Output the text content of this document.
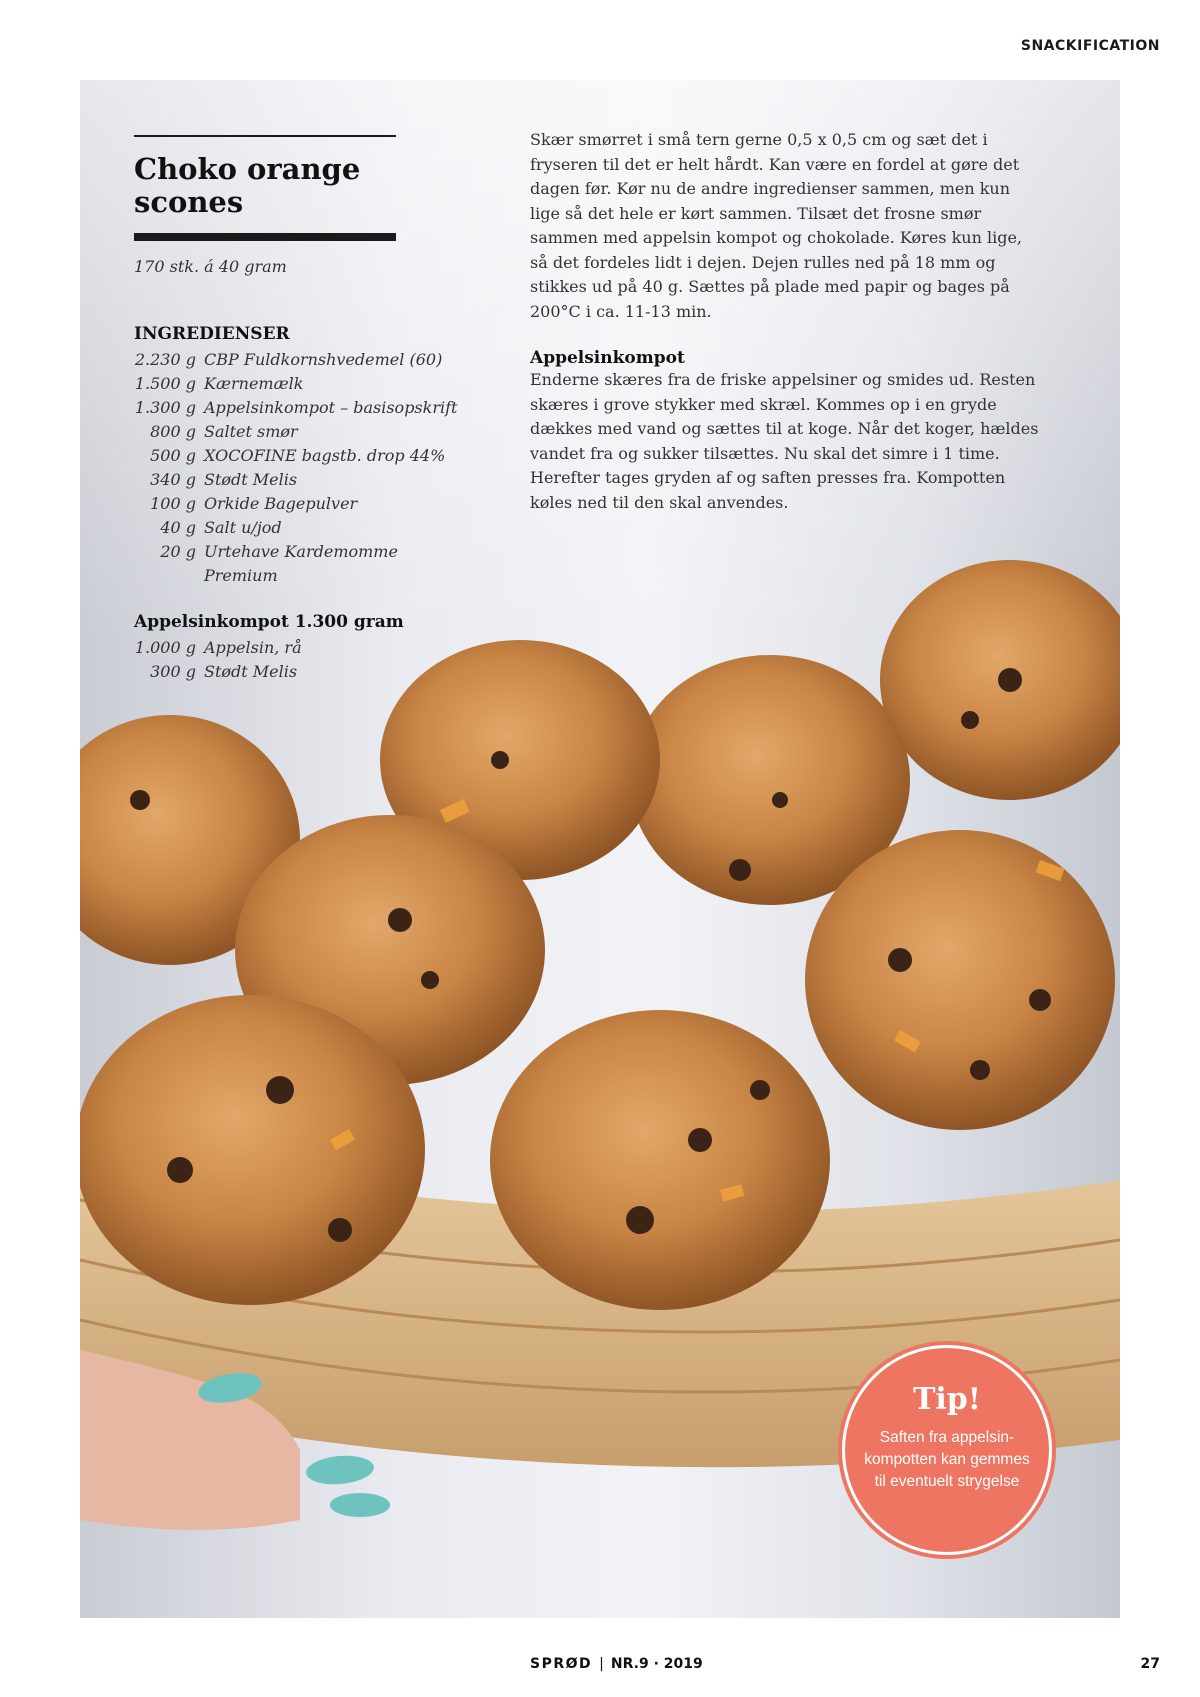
SNACKIFICATION
Choko orange scones
170 stk. á 40 gram
INGREDIENSER
2.230 g CBP Fuldkornshvedemel (60)
1.500 g Kærnemælk
1.300 g Appelsinkompot – basisopskrift
800 g Saltet smør
500 g XOCOFINE bagstb. drop 44%
340 g Stødt Melis
100 g Orkide Bagepulver
40 g Salt u/jod
20 g Urtehave Kardemomme Premium
Appelsinkompot 1.300 gram
1.000 g Appelsin, rå
300 g Stødt Melis

Skær smørret i små tern gerne 0,5 x 0,5 cm og sæt det i fryseren til det er helt hårdt. Kan være en fordel at gøre det dagen før. Kør nu de andre ingredienser sammen, men kun lige så det hele er kørt sammen. Tilsæt det frosne smør sammen med appelsin kompot og chokolade. Køres kun lige, så det fordeles lidt i dejen. Dejen rulles ned på 18 mm og stikkes ud på 40 g. Sættes på plade med papir og bages på 200°C i ca. 11-13 min.

Appelsinkompot

Enderne skæres fra de friske appelsiner og smides ud. Resten skæres i grove stykker med skræl. Kommes op i en gryde dækkes med vand og sættes til at koge. Når det koger, hældes vandet fra og sukker tilsættes. Nu skal det simre i 1 time. Herefter tages gryden af og saften presses fra. Kompotten køles ned til den skal anvendes.

Tip!
Saften fra appelsin-kompotten kan gemmes til eventuelt strygelse
SPRØD | NR.9 · 2019	27
